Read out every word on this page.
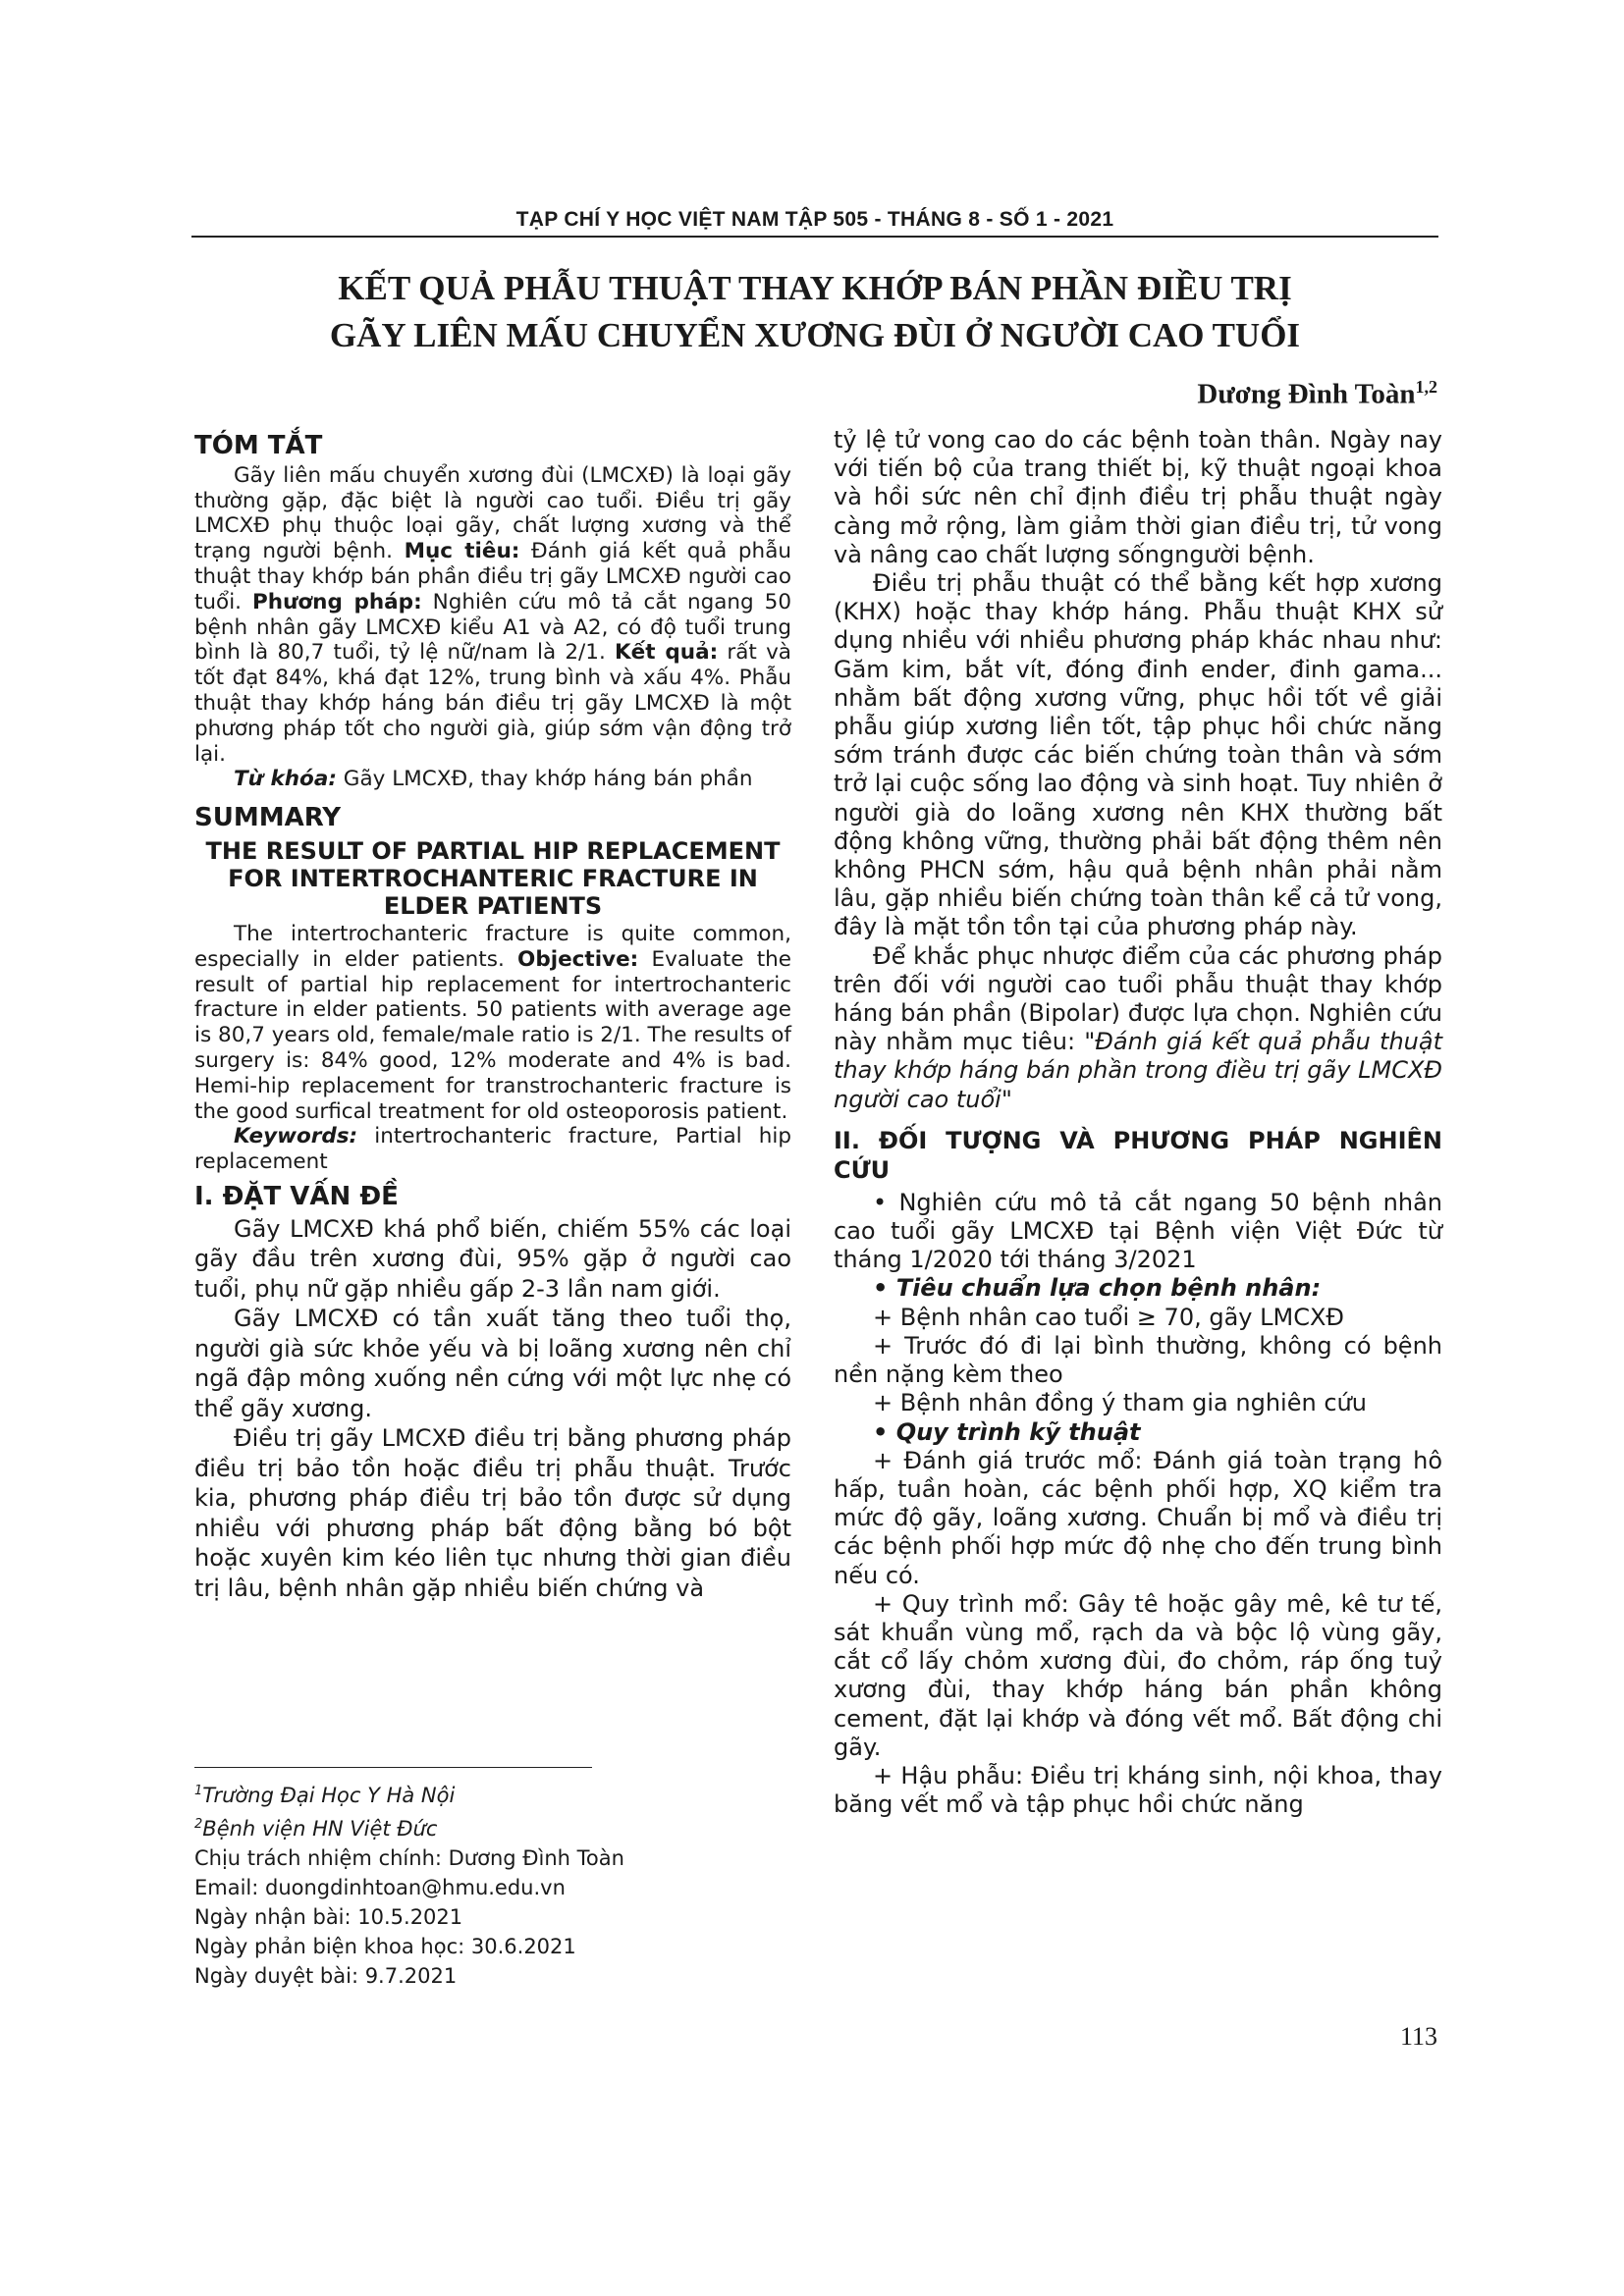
TẠP CHÍ Y HỌC VIỆT NAM TẬP 505 - THÁNG 8 - SỐ 1 - 2021
KẾT QUẢ PHẪU THUẬT THAY KHỚP BÁN PHẦN ĐIỀU TRỊ
GÃY LIÊN MẤU CHUYỂN XƯƠNG ĐÙI Ở NGƯỜI CAO TUỔI
Dương Đình Toàn$^{1,2}$
TÓM TẮT

Gãy liên mấu chuyển xương đùi (LMCXĐ) là loại gãy thường gặp, đặc biệt là người cao tuổi. Điều trị gãy LMCXĐ phụ thuộc loại gãy, chất lượng xương và thể trạng người bệnh. Mục tiêu: Đánh giá kết quả phẫu thuật thay khớp bán phần điều trị gãy LMCXĐ người cao tuổi. Phương pháp: Nghiên cứu mô tả cắt ngang 50 bệnh nhân gãy LMCXĐ kiểu A1 và A2, có độ tuổi trung bình là 80,7 tuổi, tỷ lệ nữ/nam là 2/1. Kết quả: rất và tốt đạt 84%, khá đạt 12%, trung bình và xấu 4%. Phẫu thuật thay khớp háng bán điều trị gãy LMCXĐ là một phương pháp tốt cho người già, giúp sớm vận động trở lại.

Từ khóa: Gãy LMCXĐ, thay khớp háng bán phần

SUMMARY
THE RESULT OF PARTIAL HIP REPLACEMENT FOR INTERTROCHANTERIC FRACTURE IN ELDER PATIENTS

The intertrochanteric fracture is quite common, especially in elder patients. Objective: Evaluate the result of partial hip replacement for intertrochanteric fracture in elder patients. 50 patients with average age is 80,7 years old, female/male ratio is 2/1. The results of surgery is: 84% good, 12% moderate and 4% is bad. Hemi-hip replacement for transtrochanteric fracture is the good surfical treatment for old osteoporosis patient.

Keywords: intertrochanteric fracture, Partial hip replacement

I. ĐẶT VẤN ĐỀ

Gãy LMCXĐ khá phổ biến, chiếm 55% các loại gãy đầu trên xương đùi, 95% gặp ở người cao tuổi, phụ nữ gặp nhiều gấp 2-3 lần nam giới.

Gãy LMCXĐ có tần xuất tăng theo tuổi thọ, người già sức khỏe yếu và bị loãng xương nên chỉ ngã đập mông xuống nền cứng với một lực nhẹ có thể gãy xương.

Điều trị gãy LMCXĐ điều trị bằng phương pháp điều trị bảo tồn hoặc điều trị phẫu thuật. Trước kia, phương pháp điều trị bảo tồn được sử dụng nhiều với phương pháp bất động bằng bó bột hoặc xuyên kim kéo liên tục nhưng thời gian điều trị lâu, bệnh nhân gặp nhiều biến chứng và

$^1$Trường Đại Học Y Hà Nội
$^2$Bệnh viện HN Việt Đức
Chịu trách nhiệm chính: Dương Đình Toàn
Email: duongdinhtoan@hmu.edu.vn
Ngày nhận bài: 10.5.2021
Ngày phản biện khoa học: 30.6.2021
Ngày duyệt bài: 9.7.2021

tỷ lệ tử vong cao do các bệnh toàn thân. Ngày nay với tiến bộ của trang thiết bị, kỹ thuật ngoại khoa và hồi sức nên chỉ định điều trị phẫu thuật ngày càng mở rộng, làm giảm thời gian điều trị, tử vong và nâng cao chất lượng sốngngười bệnh.

Điều trị phẫu thuật có thể bằng kết hợp xương (KHX) hoặc thay khớp háng. Phẫu thuật KHX sử dụng nhiều với nhiều phương pháp khác nhau như: Găm kim, bắt vít, đóng đinh ender, đinh gama... nhằm bất động xương vững, phục hồi tốt về giải phẫu giúp xương liền tốt, tập phục hồi chức năng sớm tránh được các biến chứng toàn thân và sớm trở lại cuộc sống lao động và sinh hoạt. Tuy nhiên ở người già do loãng xương nên KHX thường bất động không vững, thường phải bất động thêm nên không PHCN sớm, hậu quả bệnh nhân phải nằm lâu, gặp nhiều biến chứng toàn thân kể cả tử vong, đây là mặt tồn tồn tại của phương pháp này.

Để khắc phục nhược điểm của các phương pháp trên đối với người cao tuổi phẫu thuật thay khớp háng bán phần (Bipolar) được lựa chọn. Nghiên cứu này nhằm mục tiêu: "Đánh giá kết quả phẫu thuật thay khớp háng bán phần trong điều trị gãy LMCXĐ người cao tuổi"

II. ĐỐI TƯỢNG VÀ PHƯƠNG PHÁP NGHIÊN CỨU

• Nghiên cứu mô tả cắt ngang 50 bệnh nhân cao tuổi gãy LMCXĐ tại Bệnh viện Việt Đức từ tháng 1/2020 tới tháng 3/2021

• Tiêu chuẩn lựa chọn bệnh nhân:

+ Bệnh nhân cao tuổi ≥ 70, gãy LMCXĐ

+ Trước đó đi lại bình thường, không có bệnh nền nặng kèm theo

+ Bệnh nhân đồng ý tham gia nghiên cứu

• Quy trình kỹ thuật

+ Đánh giá trước mổ: Đánh giá toàn trạng hô hấp, tuần hoàn, các bệnh phối hợp, XQ kiểm tra mức độ gãy, loãng xương. Chuẩn bị mổ và điều trị các bệnh phối hợp mức độ nhẹ cho đến trung bình nếu có.

+ Quy trình mổ: Gây tê hoặc gây mê, kê tư tế, sát khuẩn vùng mổ, rạch da và bộc lộ vùng gãy, cắt cổ lấy chỏm xương đùi, đo chỏm, ráp ống tuỷ xương đùi, thay khớp háng bán phần không cement, đặt lại khớp và đóng vết mổ. Bất động chi gãy.

+ Hậu phẫu: Điều trị kháng sinh, nội khoa, thay băng vết mổ và tập phục hồi chức năng

113
